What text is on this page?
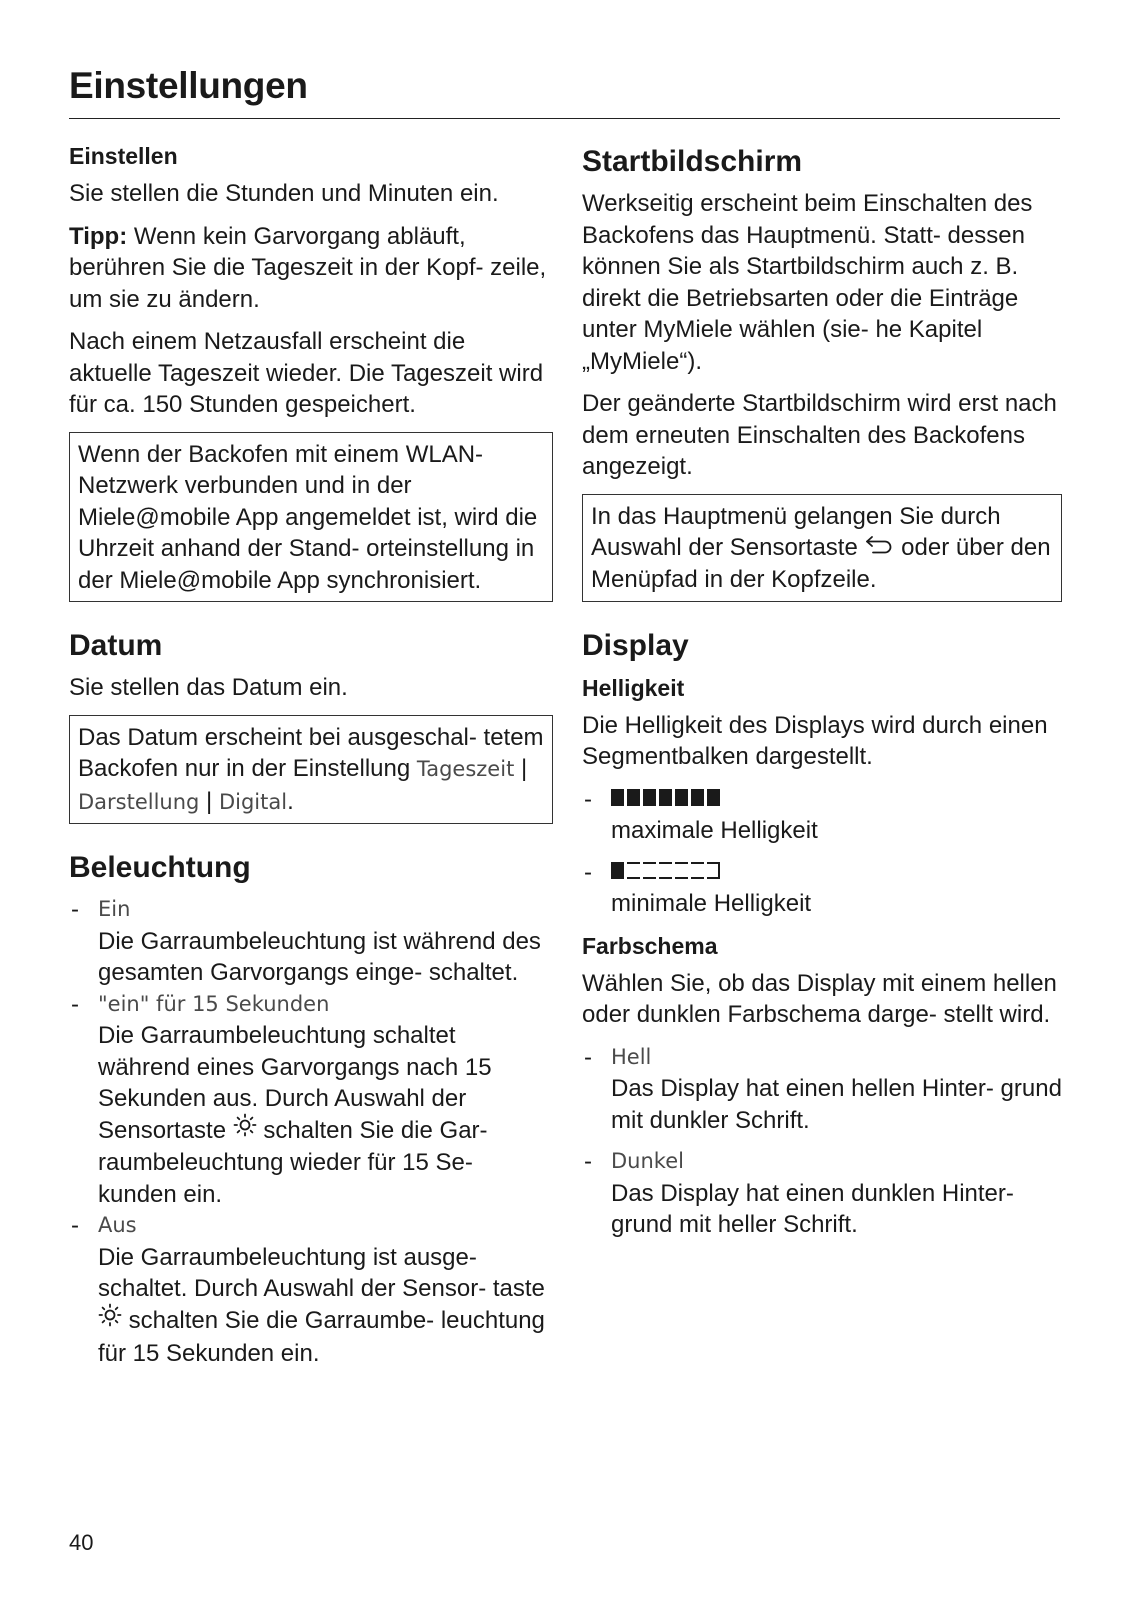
Einstellungen
Einstellen

Sie stellen die Stunden und Minuten ein.

Tipp: Wenn kein Garvorgang abläuft, berühren Sie die Tageszeit in der Kopf- zeile, um sie zu ändern.

Nach einem Netzausfall erscheint die aktuelle Tageszeit wieder. Die Tageszeit wird für ca. 150 Stunden gespeichert.

Wenn der Backofen mit einem WLAN- Netzwerk verbunden und in der Miele@mobile App angemeldet ist, wird die Uhrzeit anhand der Stand- orteinstellung in der Miele@mobile App synchronisiert.
Datum

Sie stellen das Datum ein.

Das Datum erscheint bei ausgeschal- tetem Backofen nur in der Einstellung Tageszeit | Darstellung | Digital.
Beleuchtung
- Ein
Die Garraumbeleuchtung ist während des gesamten Garvorgangs einge- schaltet.
- "ein" für 15 Sekunden
Die Garraumbeleuchtung schaltet während eines Garvorgangs nach 15 Sekunden aus. Durch Auswahl der Sensortaste  schalten Sie die Gar- raumbeleuchtung wieder für 15 Se- kunden ein.
- Aus
Die Garraumbeleuchtung ist ausge- schaltet. Durch Auswahl der Sensor- taste  schalten Sie die Garraumbe- leuchtung für 15 Sekunden ein.
Startbildschirm

Werkseitig erscheint beim Einschalten des Backofens das Hauptmenü. Statt- dessen können Sie als Startbildschirm auch z. B. direkt die Betriebsarten oder die Einträge unter MyMiele wählen (sie- he Kapitel „MyMiele“).

Der geänderte Startbildschirm wird erst nach dem erneuten Einschalten des Backofens angezeigt.

In das Hauptmenü gelangen Sie durch Auswahl der Sensortaste  oder über den Menüpfad in der Kopfzeile.
Display
Helligkeit

Die Helligkeit des Displays wird durch einen Segmentbalken dargestellt.

- maximale Helligkeit
- minimale Helligkeit
Farbschema

Wählen Sie, ob das Display mit einem hellen oder dunklen Farbschema darge- stellt wird.

- Hell
Das Display hat einen hellen Hinter- grund mit dunkler Schrift.
- Dunkel
Das Display hat einen dunklen Hinter- grund mit heller Schrift.
40
